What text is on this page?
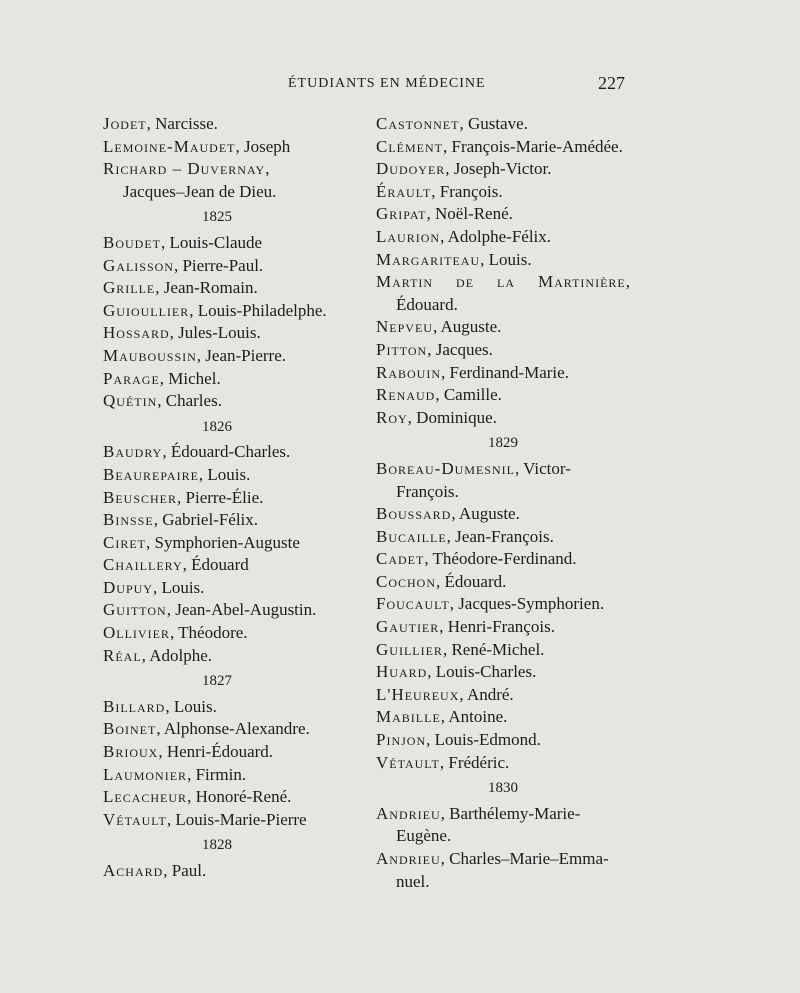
ÉTUDIANTS EN MÉDECINE	227
Jodet, Narcisse.
Lemoine-Maudet, Joseph
Richard – Duvernay, Jacques–Jean de Dieu.
1825
Boudet, Louis-Claude
Galisson, Pierre-Paul.
Grille, Jean-Romain.
Guioullier, Louis-Philadelphe.
Hossard, Jules-Louis.
Mauboussin, Jean-Pierre.
Parage, Michel.
Quétin, Charles.
1826
Baudry, Édouard-Charles.
Beaurepaire, Louis.
Beuscher, Pierre-Élie.
Binsse, Gabriel-Félix.
Ciret, Symphorien-Auguste
Chaillery, Édouard
Dupuy, Louis.
Guitton, Jean-Abel-Augustin.
Ollivier, Théodore.
Réal, Adolphe.
1827
Billard, Louis.
Boinet, Alphonse-Alexandre.
Brioux, Henri-Édouard.
Laumonier, Firmin.
Lecacheur, Honoré-René.
Vétault, Louis-Marie-Pierre
1828
Achard, Paul.
Castonnet, Gustave.
Clément, François-Marie-Amédée.
Dudoyer, Joseph-Victor.
Érault, François.
Gripat, Noël-René.
Laurion, Adolphe-Félix.
Margariteau, Louis.
Martin de la Martinière, Édouard.
Nepveu, Auguste.
Pitton, Jacques.
Rabouin, Ferdinand-Marie.
Renaud, Camille.
Roy, Dominique.
1829
Boreau-Dumesnil, Victor-François.
Boussard, Auguste.
Bucaille, Jean-François.
Cadet, Théodore-Ferdinand.
Cochon, Édouard.
Foucault, Jacques-Symphorien.
Gautier, Henri-François.
Guillier, René-Michel.
Huard, Louis-Charles.
L'Heureux, André.
Mabille, Antoine.
Pinjon, Louis-Edmond.
Vétault, Frédéric.
1830
Andrieu, Barthélemy-Marie-Eugène.
Andrieu, Charles–Marie–Emma-nuel.
